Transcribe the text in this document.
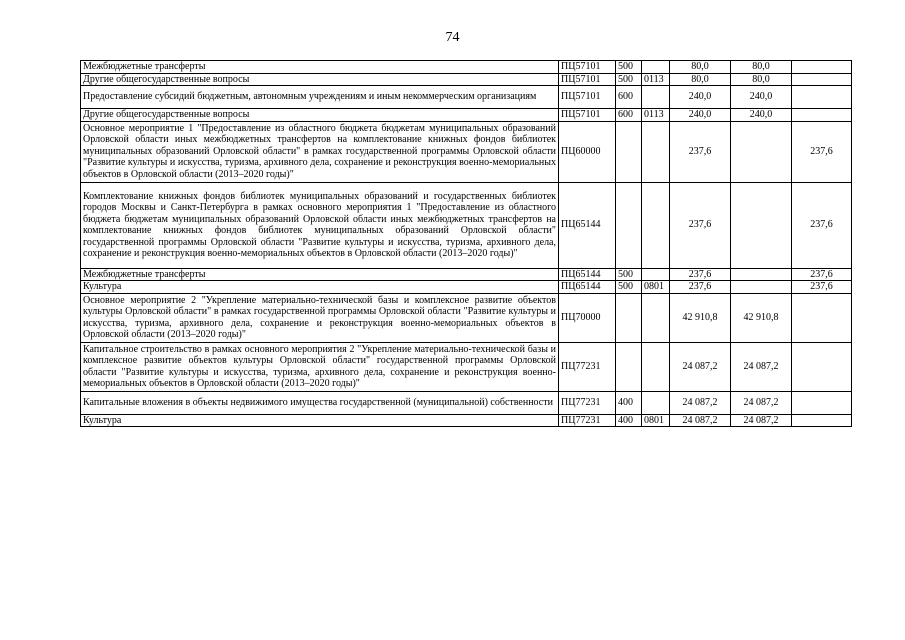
74
Межбюджетные трансферты	ПЦ57101	500		80,0	80,0	
Другие общегосударственные вопросы	ПЦ57101	500	0113	80,0	80,0	
Предоставление субсидий бюджетным, автономным учреждениям и иным некоммерческим организациям	ПЦ57101	600		240,0	240,0	
Другие общегосударственные вопросы	ПЦ57101	600	0113	240,0	240,0	
Основное мероприятие 1 "Предоставление из областного бюджета бюджетам муниципальных образований Орловской области иных межбюджетных трансфертов на комплектование книжных фондов библиотек муниципальных образований Орловской области" в рамках государственной программы Орловской области "Развитие культуры и искусства, туризма, архивного дела, сохранение и реконструкция военно-мемориальных объектов в Орловской области (2013–2020 годы)"	ПЦ60000			237,6		237,6
Комплектование книжных фондов библиотек муниципальных образований и государственных библиотек городов Москвы и Санкт-Петербурга в рамках основного мероприятия 1 "Предоставление из областного бюджета бюджетам муниципальных образований Орловской области иных межбюджетных трансфертов на комплектование книжных фондов библиотек муниципальных образований Орловской области" государственной программы Орловской области "Развитие культуры и искусства, туризма, архивного дела, сохранение и реконструкция военно-мемориальных объектов в Орловской области (2013–2020 годы)"	ПЦ65144			237,6		237,6
Межбюджетные трансферты	ПЦ65144	500		237,6		237,6
Культура	ПЦ65144	500	0801	237,6		237,6
Основное мероприятие 2 "Укрепление материально-технической базы и комплексное развитие объектов культуры Орловской области" в рамках государственной программы Орловской области "Развитие культуры и искусства, туризма, архивного дела, сохранение и реконструкция военно-мемориальных объектов в Орловской области (2013–2020 годы)"	ПЦ70000			42 910,8	42 910,8	
Капитальное строительство в рамках основного мероприятия 2 "Укрепление материально-технической базы и комплексное развитие объектов культуры Орловской области" государственной программы Орловской области "Развитие культуры и искусства, туризма, архивного дела, сохранение и реконструкция военно-мемориальных объектов в Орловской области (2013–2020 годы)"	ПЦ77231			24 087,2	24 087,2	
Капитальные вложения в объекты недвижимого имущества государственной (муниципальной) собственности	ПЦ77231	400		24 087,2	24 087,2	
Культура	ПЦ77231	400	0801	24 087,2	24 087,2	
